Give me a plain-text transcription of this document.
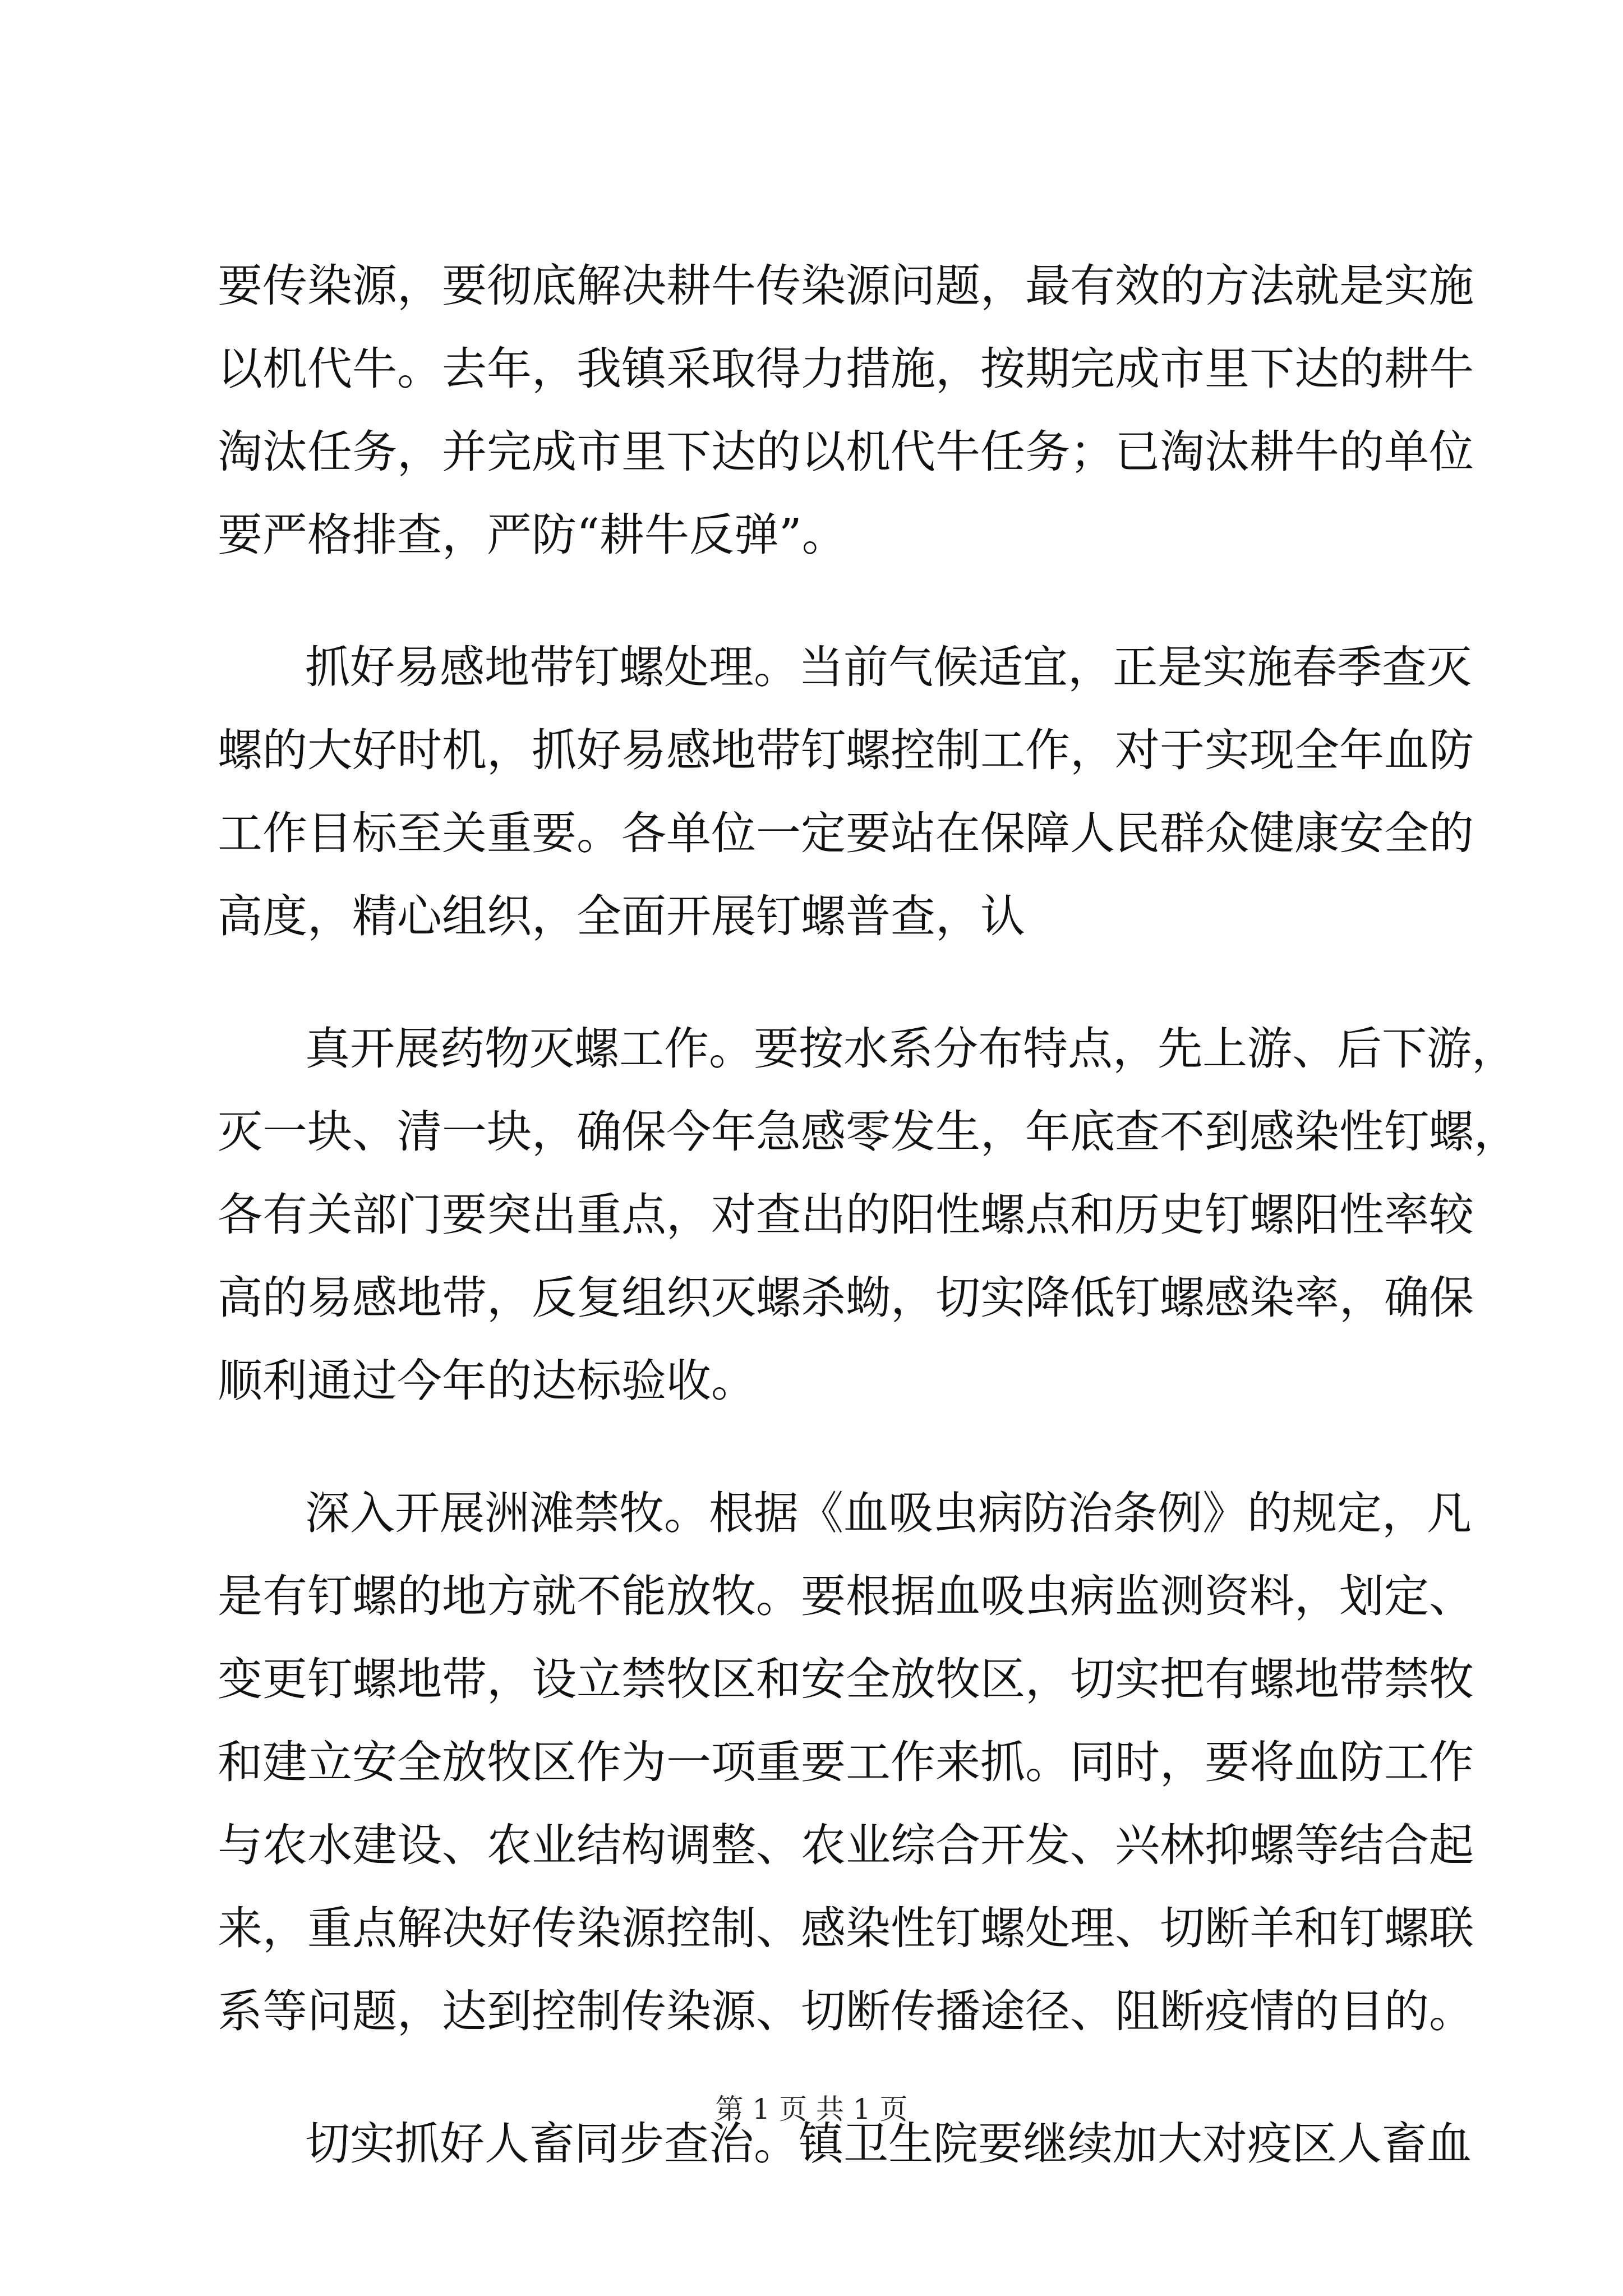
要传染源，要彻底解决耕牛传染源问题，最有效的方法就是实施
以机代牛。去年，我镇采取得力措施，按期完成市里下达的耕牛
淘汰任务，并完成市里下达的以机代牛任务；已淘汰耕牛的单位
要严格排查，严防“耕牛反弹”。
抓好易感地带钉螺处理。当前气候适宜，正是实施春季查灭
螺的大好时机，抓好易感地带钉螺控制工作，对于实现全年血防
工作目标至关重要。各单位一定要站在保障人民群众健康安全的
高度，精心组织，全面开展钉螺普查，认
真开展药物灭螺工作。要按水系分布特点，先上游、后下游，
灭一块、清一块，确保今年急感零发生，年底查不到感染性钉螺，
各有关部门要突出重点，对查出的阳性螺点和历史钉螺阳性率较
高的易感地带，反复组织灭螺杀蚴，切实降低钉螺感染率，确保
顺利通过今年的达标验收。
深入开展洲滩禁牧。根据《血吸虫病防治条例》的规定，凡
是有钉螺的地方就不能放牧。要根据血吸虫病监测资料，划定、
变更钉螺地带，设立禁牧区和安全放牧区，切实把有螺地带禁牧
和建立安全放牧区作为一项重要工作来抓。同时，要将血防工作
与农水建设、农业结构调整、农业综合开发、兴林抑螺等结合起
来，重点解决好传染源控制、感染性钉螺处理、切断羊和钉螺联
系等问题，达到控制传染源、切断传播途径、阻断疫情的目的。
切实抓好人畜同步查治。镇卫生院要继续加大对疫区人畜血
第 1 页 共 1 页
